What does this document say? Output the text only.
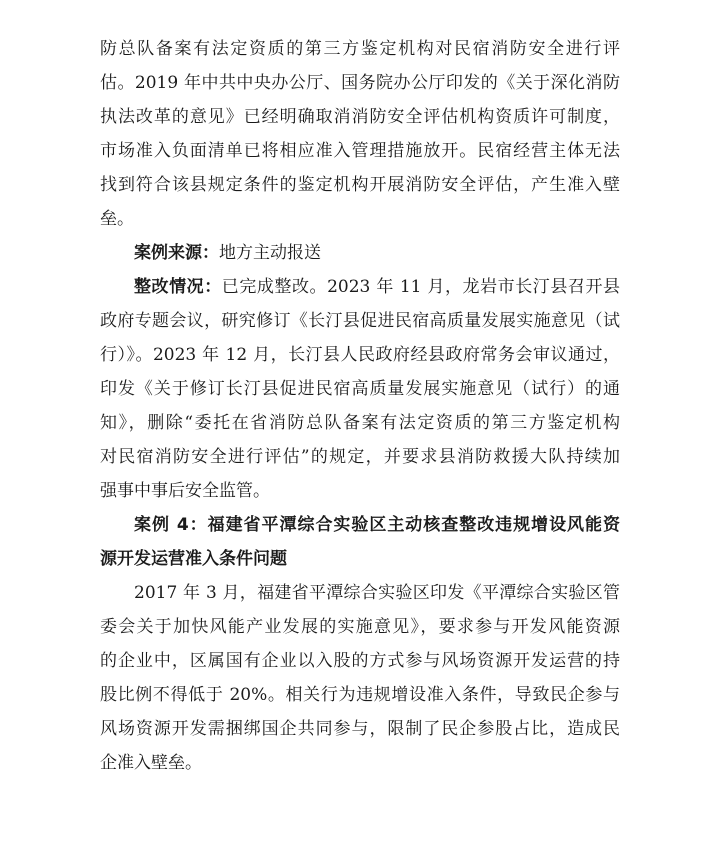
防总队备案有法定资质的第三方鉴定机构对民宿消防安全进行评
估。2019 年中共中央办公厅、国务院办公厅印发的《关于深化消防
执法改革的意见》已经明确取消消防安全评估机构资质许可制度，
市场准入负面清单已将相应准入管理措施放开。民宿经营主体无法
找到符合该县规定条件的鉴定机构开展消防安全评估，产生准入壁
垒。
案例来源：地方主动报送
整改情况：已完成整改。2023 年 11 月，龙岩市长汀县召开县
政府专题会议，研究修订《长汀县促进民宿高质量发展实施意见（试
行）》。2023 年 12 月，长汀县人民政府经县政府常务会审议通过，
印发《关于修订长汀县促进民宿高质量发展实施意见（试行）的通
知》，删除“委托在省消防总队备案有法定资质的第三方鉴定机构
对民宿消防安全进行评估”的规定，并要求县消防救援大队持续加
强事中事后安全监管。
案例 4：福建省平潭综合实验区主动核查整改违规增设风能资
源开发运营准入条件问题
2017 年 3 月，福建省平潭综合实验区印发《平潭综合实验区管
委会关于加快风能产业发展的实施意见》，要求参与开发风能资源
的企业中，区属国有企业以入股的方式参与风场资源开发运营的持
股比例不得低于 20%。相关行为违规增设准入条件，导致民企参与
风场资源开发需捆绑国企共同参与，限制了民企参股占比，造成民
企准入壁垒。
